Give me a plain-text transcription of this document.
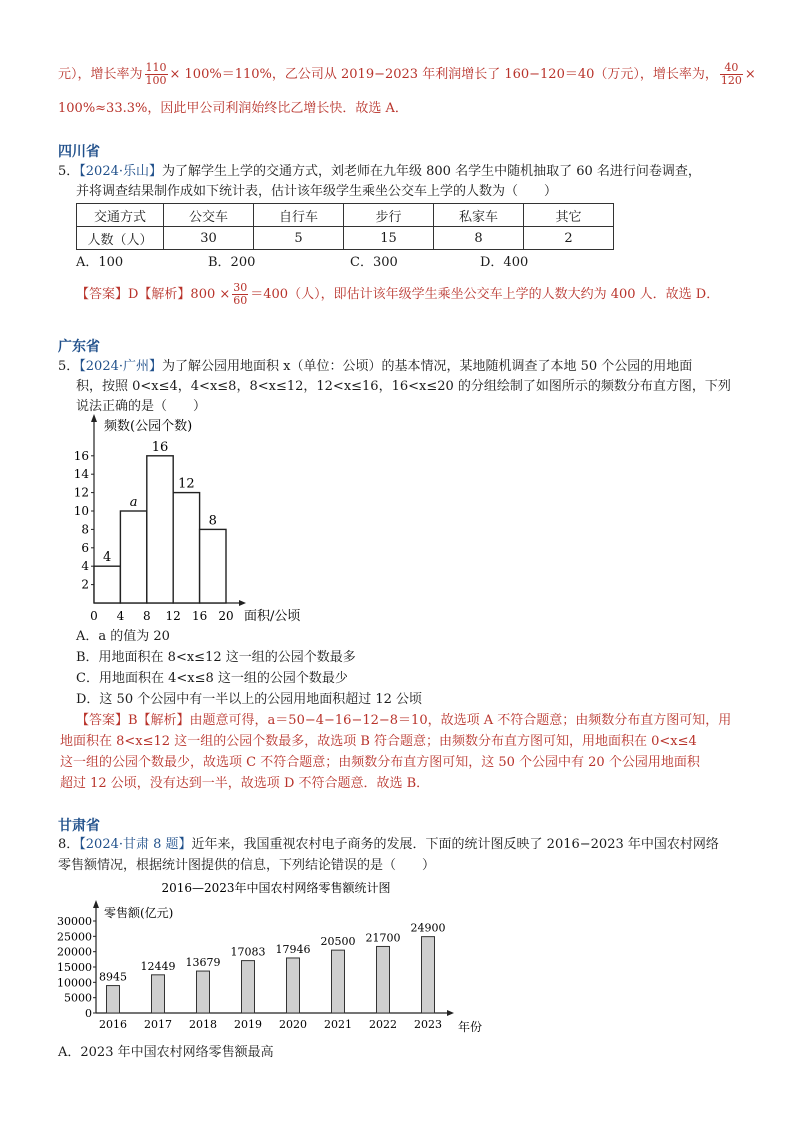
元），增长率为 $\frac{110}{100} \times 100\%=110\%$，乙公司从 2019−2023 年利润增长了 160−120＝40（万元），增长率为， $\frac{40}{120}$ ×
100%≈33.3%，因此甲公司利润始终比乙增长快．故选 A．
四川省
5．【2024·乐山】为了解学生上学的交通方式，刘老师在九年级 800 名学生中随机抽取了 60 名进行问卷调查，
并将调查结果制作成如下统计表，估计该年级学生乘坐公交车上学的人数为（　　）
交通方式	公交车	自行车	步行	私家车	其它
人数（人）	30	5	15	8	2
A．100	B．200	C．300	D．400
【答案】D【解析】$800 \times \frac{30}{60} =400$（人），即估计该年级学生乘坐公交车上学的人数大约为 400 人．故选 D．
广东省
5．【2024·广州】为了解公园用地面积 x（单位：公顷）的基本情况，某地随机调查了本地 50 个公园的用地面
积，按照 0<x≤4，4<x≤8，8<x≤12，12<x≤16，16<x≤20 的分组绘制了如图所示的频数分布直方图，下列
说法正确的是（　　）
2
4
6
8
10
12
14
16
4
a
16
12
8
0 4 8 12 16 20
频数(公园个数)
面积/公顷
A．a 的值为 20
B．用地面积在 8<x≤12 这一组的公园个数最多
C．用地面积在 4<x≤8 这一组的公园个数最少
D．这 50 个公园中有一半以上的公园用地面积超过 12 公顷
【答案】B【解析】由题意可得，a＝50−4−16−12−8＝10，故选项 A 不符合题意；由频数分布直方图可知，用
地面积在 8<x≤12 这一组的公园个数最多，故选项 B 符合题意；由频数分布直方图可知，用地面积在 0<x≤4
这一组的公园个数最少，故选项 C 不符合题意；由频数分布直方图可知，这 50 个公园中有 20 个公园用地面积
超过 12 公顷，没有达到一半，故选项 D 不符合题意．故选 B．
甘肃省
8．【2024·甘肃 8 题】近年来，我国重视农村电子商务的发展．下面的统计图反映了 2016−2023 年中国农村网络
零售额情况，根据统计图提供的信息，下列结论错误的是（　　）
2016—2023年中国农村网络零售额统计图
0
5000
10000
15000
20000
25000
30000
零售额(亿元)
8945
2016
12449
2017
13679
2018
17083
2019
17946
2020
20500
2021
21700
2022
24900
2023 年份
A．2023 年中国农村网络零售额最高
